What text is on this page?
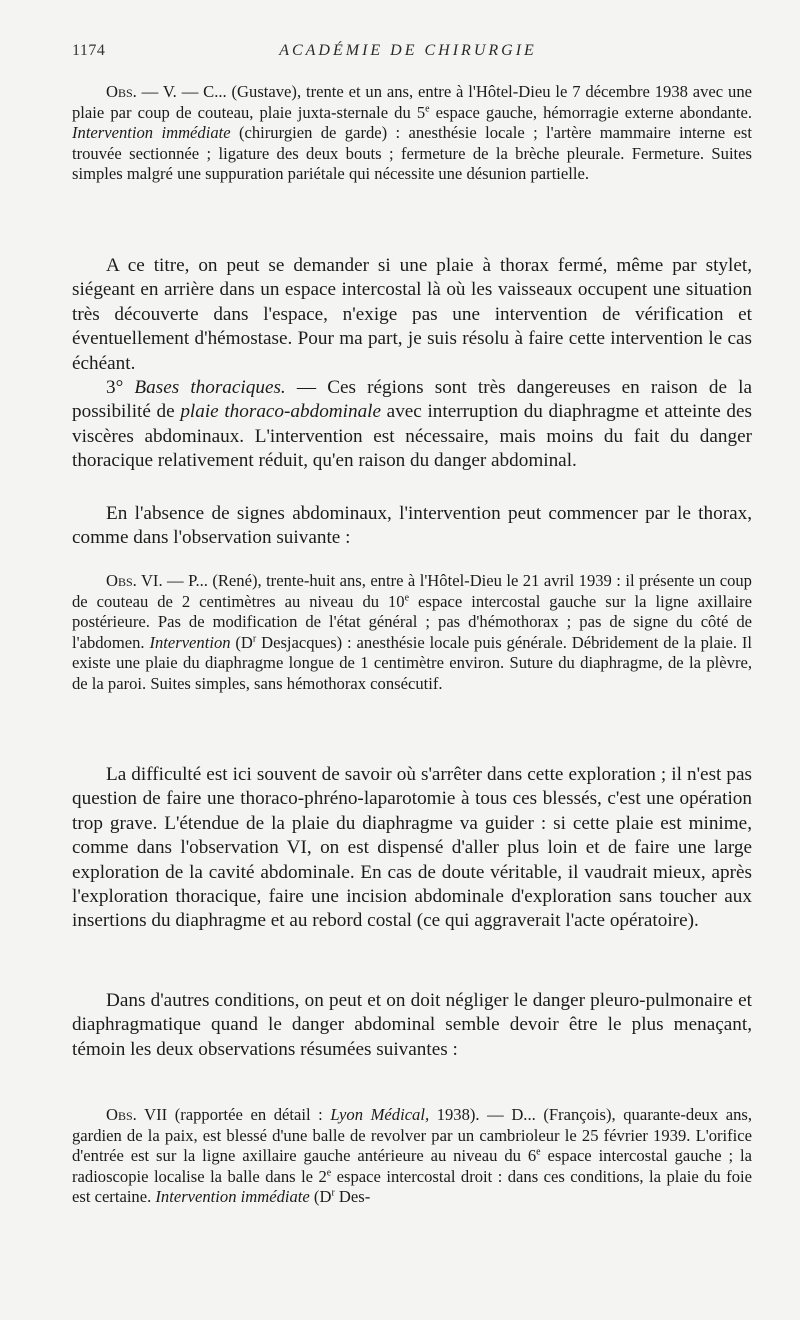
1174	ACADÉMIE DE CHIRURGIE

Obs. — V. — C... (Gustave), trente et un ans, entre à l'Hôtel-Dieu le 7 décembre 1938 avec une plaie par coup de couteau, plaie juxta-sternale du 5e espace gauche, hémorragie externe abondante. Intervention immédiate (chirurgien de garde) : anesthésie locale ; l'artère mammaire interne est trouvée sectionnée ; ligature des deux bouts ; fermeture de la brèche pleurale. Fermeture. Suites simples malgré une suppuration pariétale qui nécessite une désunion partielle.

A ce titre, on peut se demander si une plaie à thorax fermé, même par stylet, siégeant en arrière dans un espace intercostal là où les vaisseaux occupent une situation très découverte dans l'espace, n'exige pas une intervention de vérification et éventuellement d'hémostase. Pour ma part, je suis résolu à faire cette intervention le cas échéant.

3° Bases thoraciques. — Ces régions sont très dangereuses en raison de la possibilité de plaie thoraco-abdominale avec interruption du diaphragme et atteinte des viscères abdominaux. L'intervention est nécessaire, mais moins du fait du danger thoracique relativement réduit, qu'en raison du danger abdominal.

En l'absence de signes abdominaux, l'intervention peut commencer par le thorax, comme dans l'observation suivante :

Obs. VI. — P... (René), trente-huit ans, entre à l'Hôtel-Dieu le 21 avril 1939 : il présente un coup de couteau de 2 centimètres au niveau du 10e espace intercostal gauche sur la ligne axillaire postérieure. Pas de modification de l'état général ; pas d'hémothorax ; pas de signe du côté de l'abdomen. Intervention ($D^r$ Desjacques) : anesthésie locale puis générale. Débridement de la plaie. Il existe une plaie du diaphragme longue de 1 centimètre environ. Suture du diaphragme, de la plèvre, de la paroi. Suites simples, sans hémothorax consécutif.

La difficulté est ici souvent de savoir où s'arrêter dans cette exploration ; il n'est pas question de faire une thoraco-phréno-laparotomie à tous ces blessés, c'est une opération trop grave. L'étendue de la plaie du diaphragme va guider : si cette plaie est minime, comme dans l'observation VI, on est dispensé d'aller plus loin et de faire une large exploration de la cavité abdominale. En cas de doute véritable, il vaudrait mieux, après l'exploration thoracique, faire une incision abdominale d'exploration sans toucher aux insertions du diaphragme et au rebord costal (ce qui aggraverait l'acte opératoire).

Dans d'autres conditions, on peut et on doit négliger le danger pleuro-pulmonaire et diaphragmatique quand le danger abdominal semble devoir être le plus menaçant, témoin les deux observations résumées suivantes :

Obs. VII (rapportée en détail : Lyon Médical, 1938). — D... (François), quarante-deux ans, gardien de la paix, est blessé d'une balle de revolver par un cambrioleur le 25 février 1939. L'orifice d'entrée est sur la ligne axillaire gauche antérieure au niveau du 6e espace intercostal gauche ; la radioscopie localise la balle dans le 2e espace intercostal droit : dans ces conditions, la plaie du foie est certaine. Intervention immédiate ($D^r$ Des-
